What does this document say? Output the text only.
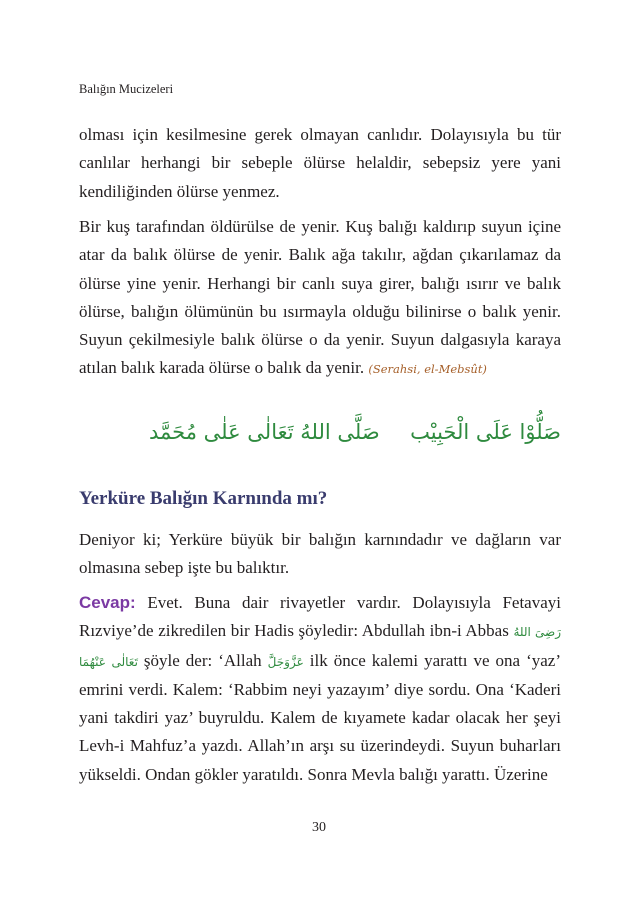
Balığın Mucizeleri

olması için kesilmesine gerek olmayan canlıdır. Dolayısıyla bu tür canlılar herhangi bir sebeple ölürse helaldir, sebepsiz yere yani kendiliğinden ölürse yenmez.

Bir kuş tarafından öldürülse de yenir. Kuş balığı kaldırıp suyun içine atar da balık ölürse de yenir. Balık ağa takılır, ağdan çıkarılamaz da ölürse yine yenir. Herhangi bir canlı suya girer, balığı ısırır ve balık ölürse, balığın ölümünün bu ısırmayla olduğu bilinirse o balık yenir. Suyun çekilmesiyle balık ölürse o da yenir. Suyun dalgasıyla karaya atılan balık karada ölürse o balık da yenir. (Serahsi, el-Mebsût)

صَلُّوْا عَلَى الْحَبِيْب
صَلَّى اللهُ تَعَالٰى عَلٰى مُحَمَّد
Yerküre Balığın Karnında mı?

Deniyor ki; Yerküre büyük bir balığın karnındadır ve dağların var olmasına sebep işte bu balıktır.

Cevap: Evet. Buna dair rivayetler vardır. Dolayısıyla Fetavayi Rızviye’de zikredilen bir Hadis şöyledir: Abdullah ibn-i Abbas رَضِیَ اللهُ تَعَالٰی عَنْهُمَا şöyle der: ‘Allah عَزَّوَجَلَّ ilk önce kalemi yarattı ve ona ‘yaz’ emrini verdi. Kalem: ‘Rabbim neyi yazayım’ diye sordu. Ona ‘Kaderi yani takdiri yaz’ buyruldu. Kalem de kıyamete kadar olacak her şeyi Levh-i Mahfuz’a yazdı. Allah’ın arşı su üzerindeydi. Suyun buharları yükseldi. Ondan gökler yaratıldı. Sonra Mevla balığı yarattı. Üzerine

30
